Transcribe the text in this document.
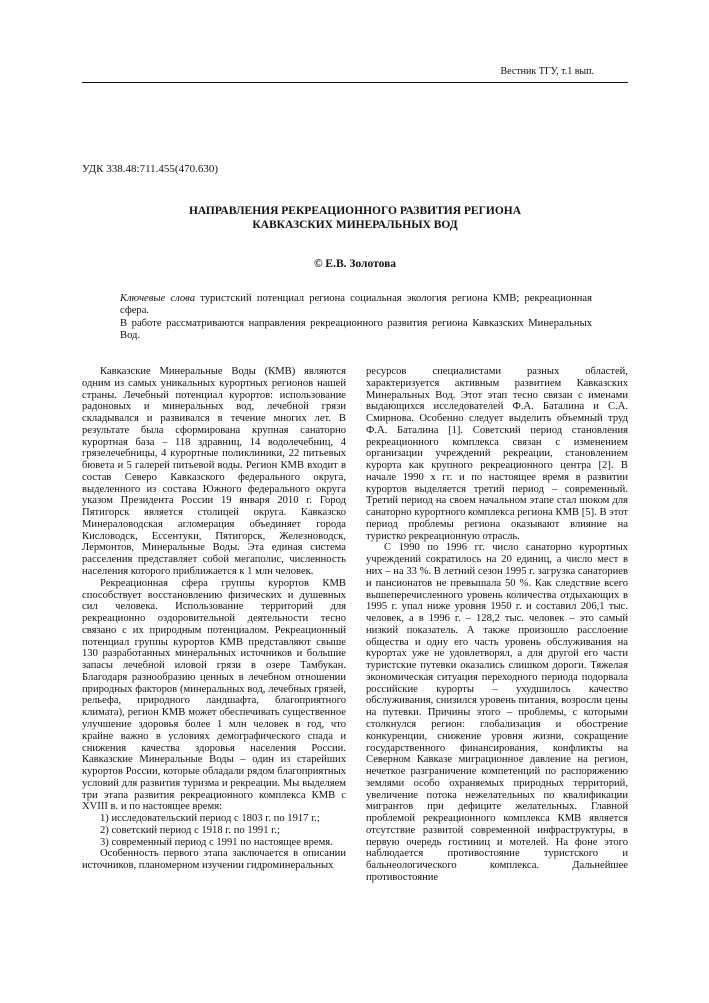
Вестник ТГУ, т.1 вып.
УДК 338.48:711.455(470.630)
НАПРАВЛЕНИЯ РЕКРЕАЦИОННОГО РАЗВИТИЯ РЕГИОНА
КАВКАЗСКИХ МИНЕРАЛЬНЫХ ВОД
© Е.В. Золотова
Ключевые слова туристский потенциал региона социальная экология региона КМВ; рекреационная сфера.
В работе рассматриваются направления рекреационного развития региона Кавказских Минеральных Вод.

Кавказские Минеральные Воды (КМВ) являются одним из самых уникальных курортных регионов нашей страны. Лечебный потенциал курортов: использование радоновых и минеральных вод, лечебной грязи складывался и развивался в течение многих лет. В результате была сформирована крупная санаторно курортная база – 118 здравниц, 14 водолечебниц, 4 грязелечебницы, 4 курортные поликлиники, 22 питьевых бювета и 5 галерей питьевой воды. Регион КМВ входит в состав Северо Кавказского федерального округа, выделенного из состава Южного федерального округа указом Президента России 19 января 2010 г. Город Пятигорск является столицей округа. Кавказско Минераловодская агломерация объединяет города Кисловодск, Ессентуки, Пятигорск, Железноводск, Лермонтов, Минеральные Воды. Эта единая система расселения представляет собой мегаполис, численность населения которого приближается к 1 млн человек.

Рекреационная сфера группы курортов КМВ способствует восстановлению физических и душевных сил человека. Использование территорий для рекреационно оздоровительной деятельности тесно связано с их природным потенциалом. Рекреационный потенциал группы курортов КМВ представляют свыше 130 разработанных минеральных источников и большие запасы лечебной иловой грязи в озере Тамбукан. Благодаря разнообразию ценных в лечебном отношении природных факторов (минеральных вод, лечебных грязей, рельефа, природного ландшафта, благоприятного климата), регион КМВ может обеспечивать существенное улучшение здоровья более 1 млн человек в год, что крайне важно в условиях демографического спада и снижения качества здоровья населения России. Кавказские Минеральные Воды – один из старейших курортов России, которые обладали рядом благоприятных условий для развития туризма и рекреации. Мы выделяем три этапа развития рекреационного комплекса КМВ с XVIII в. и по настоящее время:

1) исследовательский период с 1803 г. по 1917 г.;

2) советский период с 1918 г. по 1991 г.;

3) современный период с 1991 по настоящее время.

Особенность первого этапа заключается в описании источников, планомерном изучении гидроминеральных

ресурсов специалистами разных областей, характеризуется активным развитием Кавказских Минеральных Вод. Этот этап тесно связан с именами выдающихся исследователей Ф.А. Баталина и С.А. Смирнова. Особенно следует выделить объемный труд Ф.А. Баталина [1]. Советский период становления рекреационного комплекса связан с изменением организации учреждений рекреации, становлением курорта как крупного рекреационного центра [2]. В начале 1990 х гг. и по настоящее время в развитии курортов выделяется третий период – современный. Третий период на своем начальном этапе стал шоком для санаторно курортного комплекса региона КМВ [5]. В этот период проблемы региона оказывают влияние на туристко рекреационную отрасль.

С 1990 по 1996 гг. число санаторно курортных учреждений сократилось на 20 единиц, а число мест в них – на 33 %. В летний сезон 1995 г. загрузка санаториев и пансионатов не превышала 50 %. Как следствие всего вышеперечисленного уровень количества отдыхающих в 1995 г. упал ниже уровня 1950 г. и составил 206,1 тыс. человек, а в 1996 г. – 128,2 тыс. человек – это самый низкий показатель. А также произошло расслоение общества и одну его часть уровень обслуживания на курортах уже не удовлетворял, а для другой его части туристские путевки оказались слишком дороги. Тяжелая экономическая ситуация переходного периода подорвала российские курорты – ухудшилось качество обслуживания, снизился уровень питания, возросли цены на путевки. Причины этого – проблемы, с которыми столкнулся регион: глобализация и обострение конкуренции, снижение уровня жизни, сокращение государственного финансирования, конфликты на Северном Кавказе миграционное давление на регион, нечеткое разграничение компетенций по распоряжению землями особо охраняемых природных территорий, увеличение потока нежелательных по квалификации мигрантов при дефиците желательных. Главной проблемой рекреационного комплекса КМВ является отсутствие развитой современной инфраструктуры, в первую очередь гостиниц и мотелей. На фоне этого наблюдается противостояние туристского и бальнеологического комплекса. Дальнейшее противостояние
